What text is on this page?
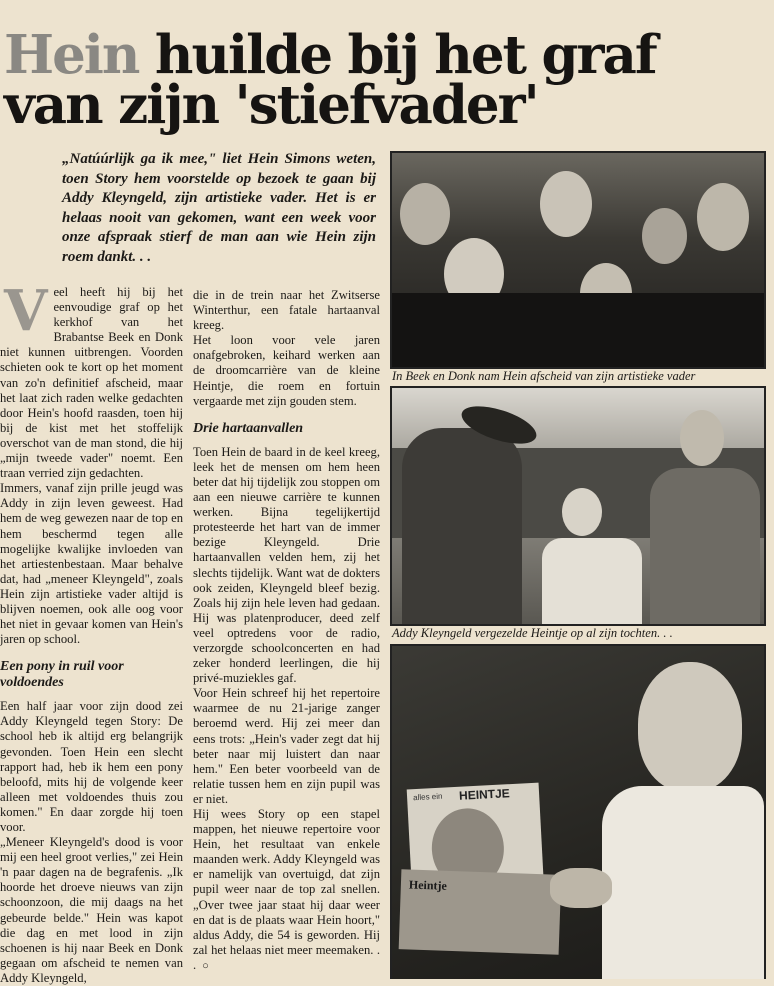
Hein huilde bij het graf
van zijn 'stiefvader'

„Natúúrlijk ga ik mee," liet Hein Simons weten, toen Story hem voorstelde op bezoek te gaan bij Addy Kleyngeld, zijn artistieke vader. Het is er helaas nooit van gekomen, want een week voor onze afspraak stierf de man aan wie Hein zijn roem dankt. . .

V eel heeft hij bij het eenvoudige graf op het kerkhof van het Brabantse Beek en Donk niet kunnen uitbrengen. Voorden schieten ook te kort op het moment van zo'n definitief afscheid, maar het laat zich raden welke gedachten door Hein's hoofd raasden, toen hij bij de kist met het stoffelijk overschot van de man stond, die hij „mijn tweede vader" noemt. Een traan verried zijn gedachten.

Immers, vanaf zijn prille jeugd was Addy in zijn leven geweest. Had hem de weg gewezen naar de top en hem beschermd tegen alle mogelijke kwalijke invloeden van het artiestenbestaan. Maar behalve dat, had „meneer Kleyngeld", zoals Hein zijn artistieke vader altijd is blijven noemen, ook alle oog voor het niet in gevaar komen van Hein's jaren op school.

Een pony in ruil voor voldoendes

Een half jaar voor zijn dood zei Addy Kleyngeld tegen Story: De school heb ik altijd erg belangrijk gevonden. Toen Hein een slecht rapport had, heb ik hem een pony beloofd, mits hij de volgende keer alleen met voldoendes thuis zou komen." En daar zorgde hij toen voor.

„Meneer Kleyngeld's dood is voor mij een heel groot verlies," zei Hein 'n paar dagen na de begrafenis. „Ik hoorde het droeve nieuws van zijn schoonzoon, die mij daags na het gebeurde belde." Hein was kapot die dag en met lood in zijn schoenen is hij naar Beek en Donk gegaan om afscheid te nemen van Addy Kleyngeld,

die in de trein naar het Zwitserse Winterthur, een fatale hartaanval kreeg.

Het loon voor vele jaren onafgebroken, keihard werken aan de droomcarrière van de kleine Heintje, die roem en fortuin vergaarde met zijn gouden stem.

Drie hartaanvallen

Toen Hein de baard in de keel kreeg, leek het de mensen om hem heen beter dat hij tijdelijk zou stoppen om aan een nieuwe carrière te kunnen werken. Bijna tegelijkertijd protesteerde het hart van de immer bezige Kleyngeld. Drie hartaanvallen velden hem, zij het slechts tijdelijk. Want wat de dokters ook zeiden, Kleyngeld bleef bezig. Zoals hij zijn hele leven had gedaan. Hij was platenproducer, deed zelf veel optredens voor de radio, verzorgde schoolconcerten en had zeker honderd leerlingen, die hij privé-muziekles gaf.

Voor Hein schreef hij het repertoire waarmee de nu 21-jarige zanger beroemd werd. Hij zei meer dan eens trots: „Hein's vader zegt dat hij beter naar mij luistert dan naar hem." Een beter voorbeeld van de relatie tussen hem en zijn pupil was er niet.

Hij wees Story op een stapel mappen, het nieuwe repertoire voor Hein, het resultaat van enkele maanden werk. Addy Kleyngeld was er namelijk van overtuigd, dat zijn pupil weer naar de top zal snellen. „Over twee jaar staat hij daar weer en dat is de plaats waar Hein hoort," aldus Addy, die 54 is geworden. Hij zal het helaas niet meer meemaken. . . ○

In Beek en Donk nam Hein afscheid van zijn artistieke vader
Addy Kleyngeld vergezelde Heintje op al zijn tochten. . .
alles ein HEINTJE
Heintje
